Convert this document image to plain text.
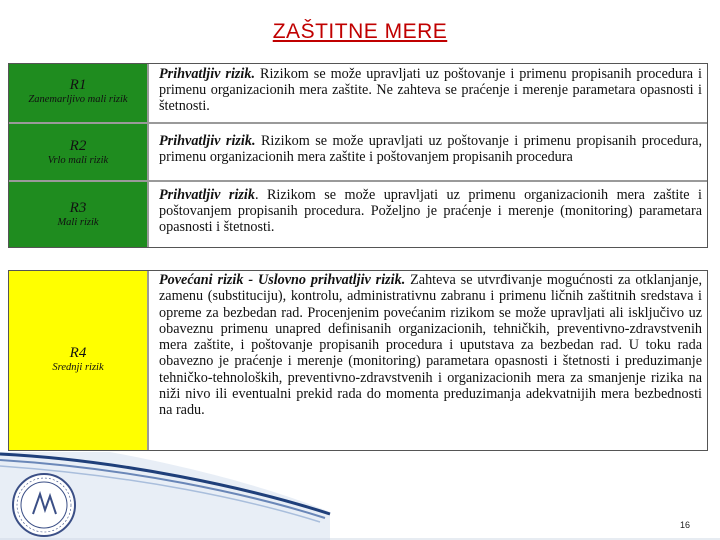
ZAŠTITNE MERE
R1
Zanemarljivo mali rizik
Prihvatljiv rizik. Rizikom se može upravljati uz poštovanje i primenu propisanih procedura i primenu organizacionih mera zaštite. Ne zahteva se praćenje i merenje parametara opasnosti i štetnosti.
R2
Vrlo mali rizik
Prihvatljiv rizik. Rizikom se može upravljati uz poštovanje i primenu propisanih procedura, primenu organizacionih mera zaštite i poštovanjem propisanih procedura
R3
Mali rizik
Prihvatljiv rizik. Rizikom se može upravljati uz primenu organizacionih mera zaštite i poštovanjem propisanih procedura. Poželjno je praćenje i merenje (monitoring) parametara opasnosti i štetnosti.
R4
Srednji rizik
Povećani rizik - Uslovno prihvatljiv rizik. Zahteva se utvrđivanje mogućnosti za otklanjanje, zamenu (substituciju), kontrolu, administrativnu zabranu i primenu ličnih zaštitnih sredstava i opreme za bezbedan rad. Procenjenim povećanim rizikom se može upravljati ali isključivo uz obaveznu primenu unapred definisanih organizacionih, tehničkih, preventivno-zdravstvenih mera zaštite, i poštovanje propisanih procedura i uputstava za bezbedan rad. U toku rada obavezno je praćenje i merenje (monitoring) parametara opasnosti i štetnosti i preduzimanje tehničko-tehnoloških, preventivno-zdravstvenih i organizacionih mera za smanjenje rizika na niži nivo ili eventualni prekid rada do momenta preduzimanja adekvatnijih mera bezbednosti na radu.
16
